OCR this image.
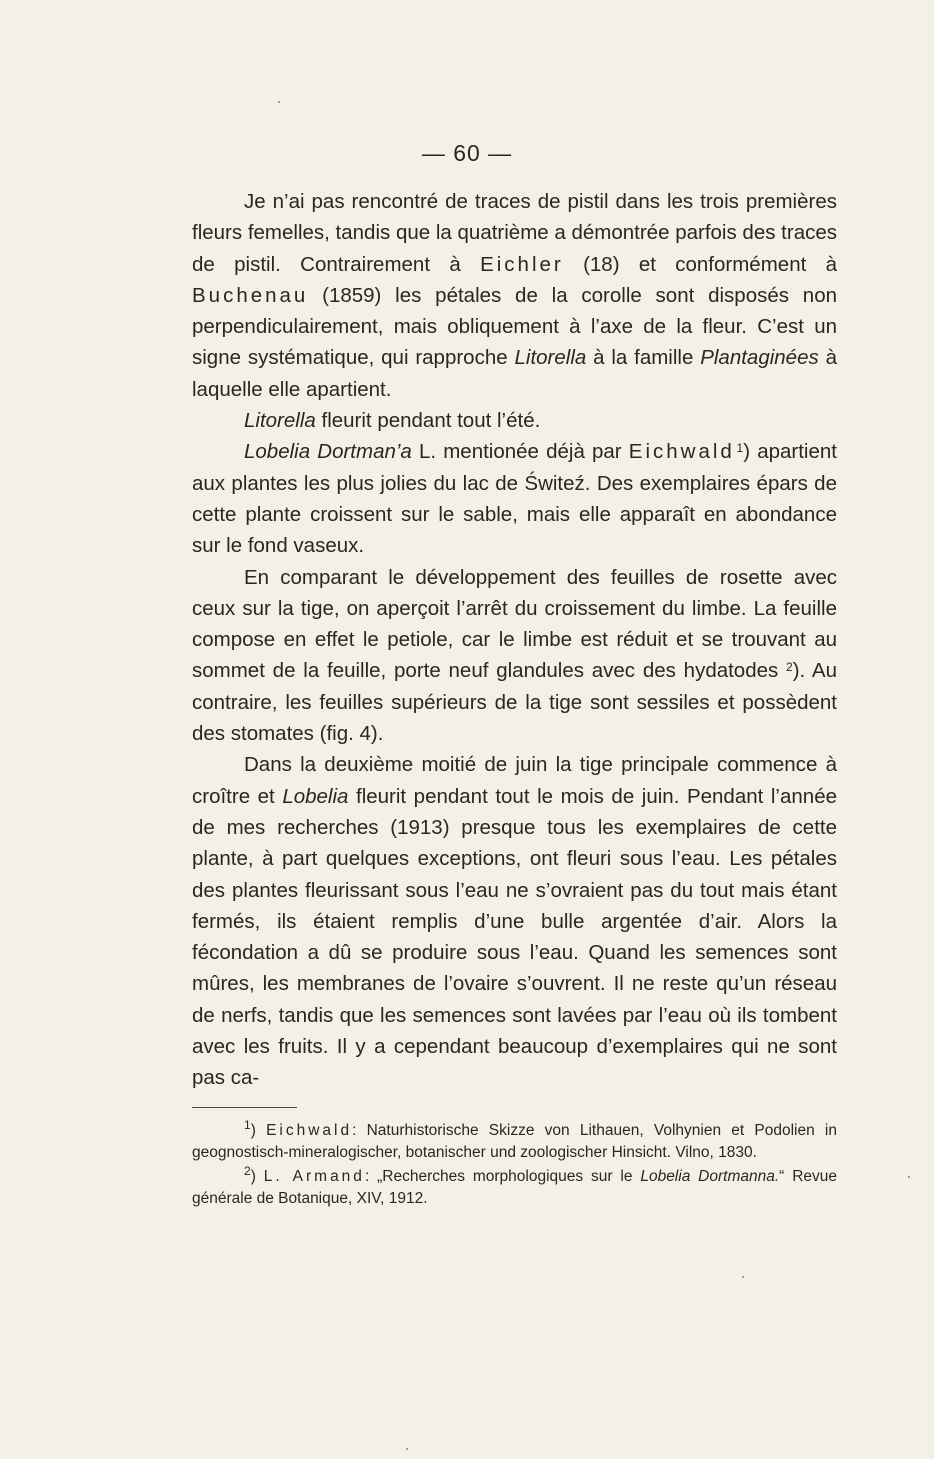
— 60 —

Je n’ai pas rencontré de traces de pistil dans les trois premières fleurs femelles, tandis que la quatrième a démontrée parfois des traces de pistil. Contrairement à Eichler (18) et conformément à Buchenau (1859) les pétales de la corolle sont disposés non perpendiculairement, mais obliquement à l’axe de la fleur. C’est un signe systématique, qui rapproche Litorella à la famille Plantaginées à laquelle elle apartient.

Litorella fleurit pendant tout l’été.

Lobelia Dortman’a L. mentionée déjà par Eichwald  $^1$) apartient aux plantes les plus jolies du lac de Świteź. Des exemplaires épars de cette plante croissent sur le sable, mais elle apparaît en abondance sur le fond vaseux.

En comparant le développement des feuilles de rosette avec ceux sur la tige, on aperçoit l’arrêt du croissement du limbe. La feuille compose en effet le petiole, car le limbe est réduit et se trouvant au sommet de la feuille, porte neuf glandules avec des hydatodes $^2$). Au contraire, les feuilles supérieurs de la tige sont sessiles et possèdent des stomates (fig. 4).

Dans la deuxième moitié de juin la tige principale commence à croître et Lobelia fleurit pendant tout le mois de juin. Pendant l’année de mes recherches (1913) presque tous les exemplaires de cette plante, à part quelques exceptions, ont fleuri sous l’eau. Les pétales des plantes fleurissant sous l’eau ne s’ovraient pas du tout mais étant fermés, ils étaient remplis d’une bulle argentée d’air. Alors la fécondation a dû se produire sous l’eau. Quand les semences sont mûres, les membranes de l’ovaire s’ouvrent. Il ne reste qu’un réseau de nerfs, tandis que les semences sont lavées par l’eau où ils tombent avec les fruits. Il y a cependant beaucoup d’exemplaires qui ne sont pas ca-

$^1$) Eichwald: Naturhistorische Skizze von Lithauen, Volhynien et Podolien in geognostisch-mineralogischer, botanischer und zoologischer Hinsicht. Vilno, 1830.

$^2$) L. Armand: „Recherches morphologiques sur le Lobelia Dortmanna.“ Revue générale de Botanique, XIV, 1912.
